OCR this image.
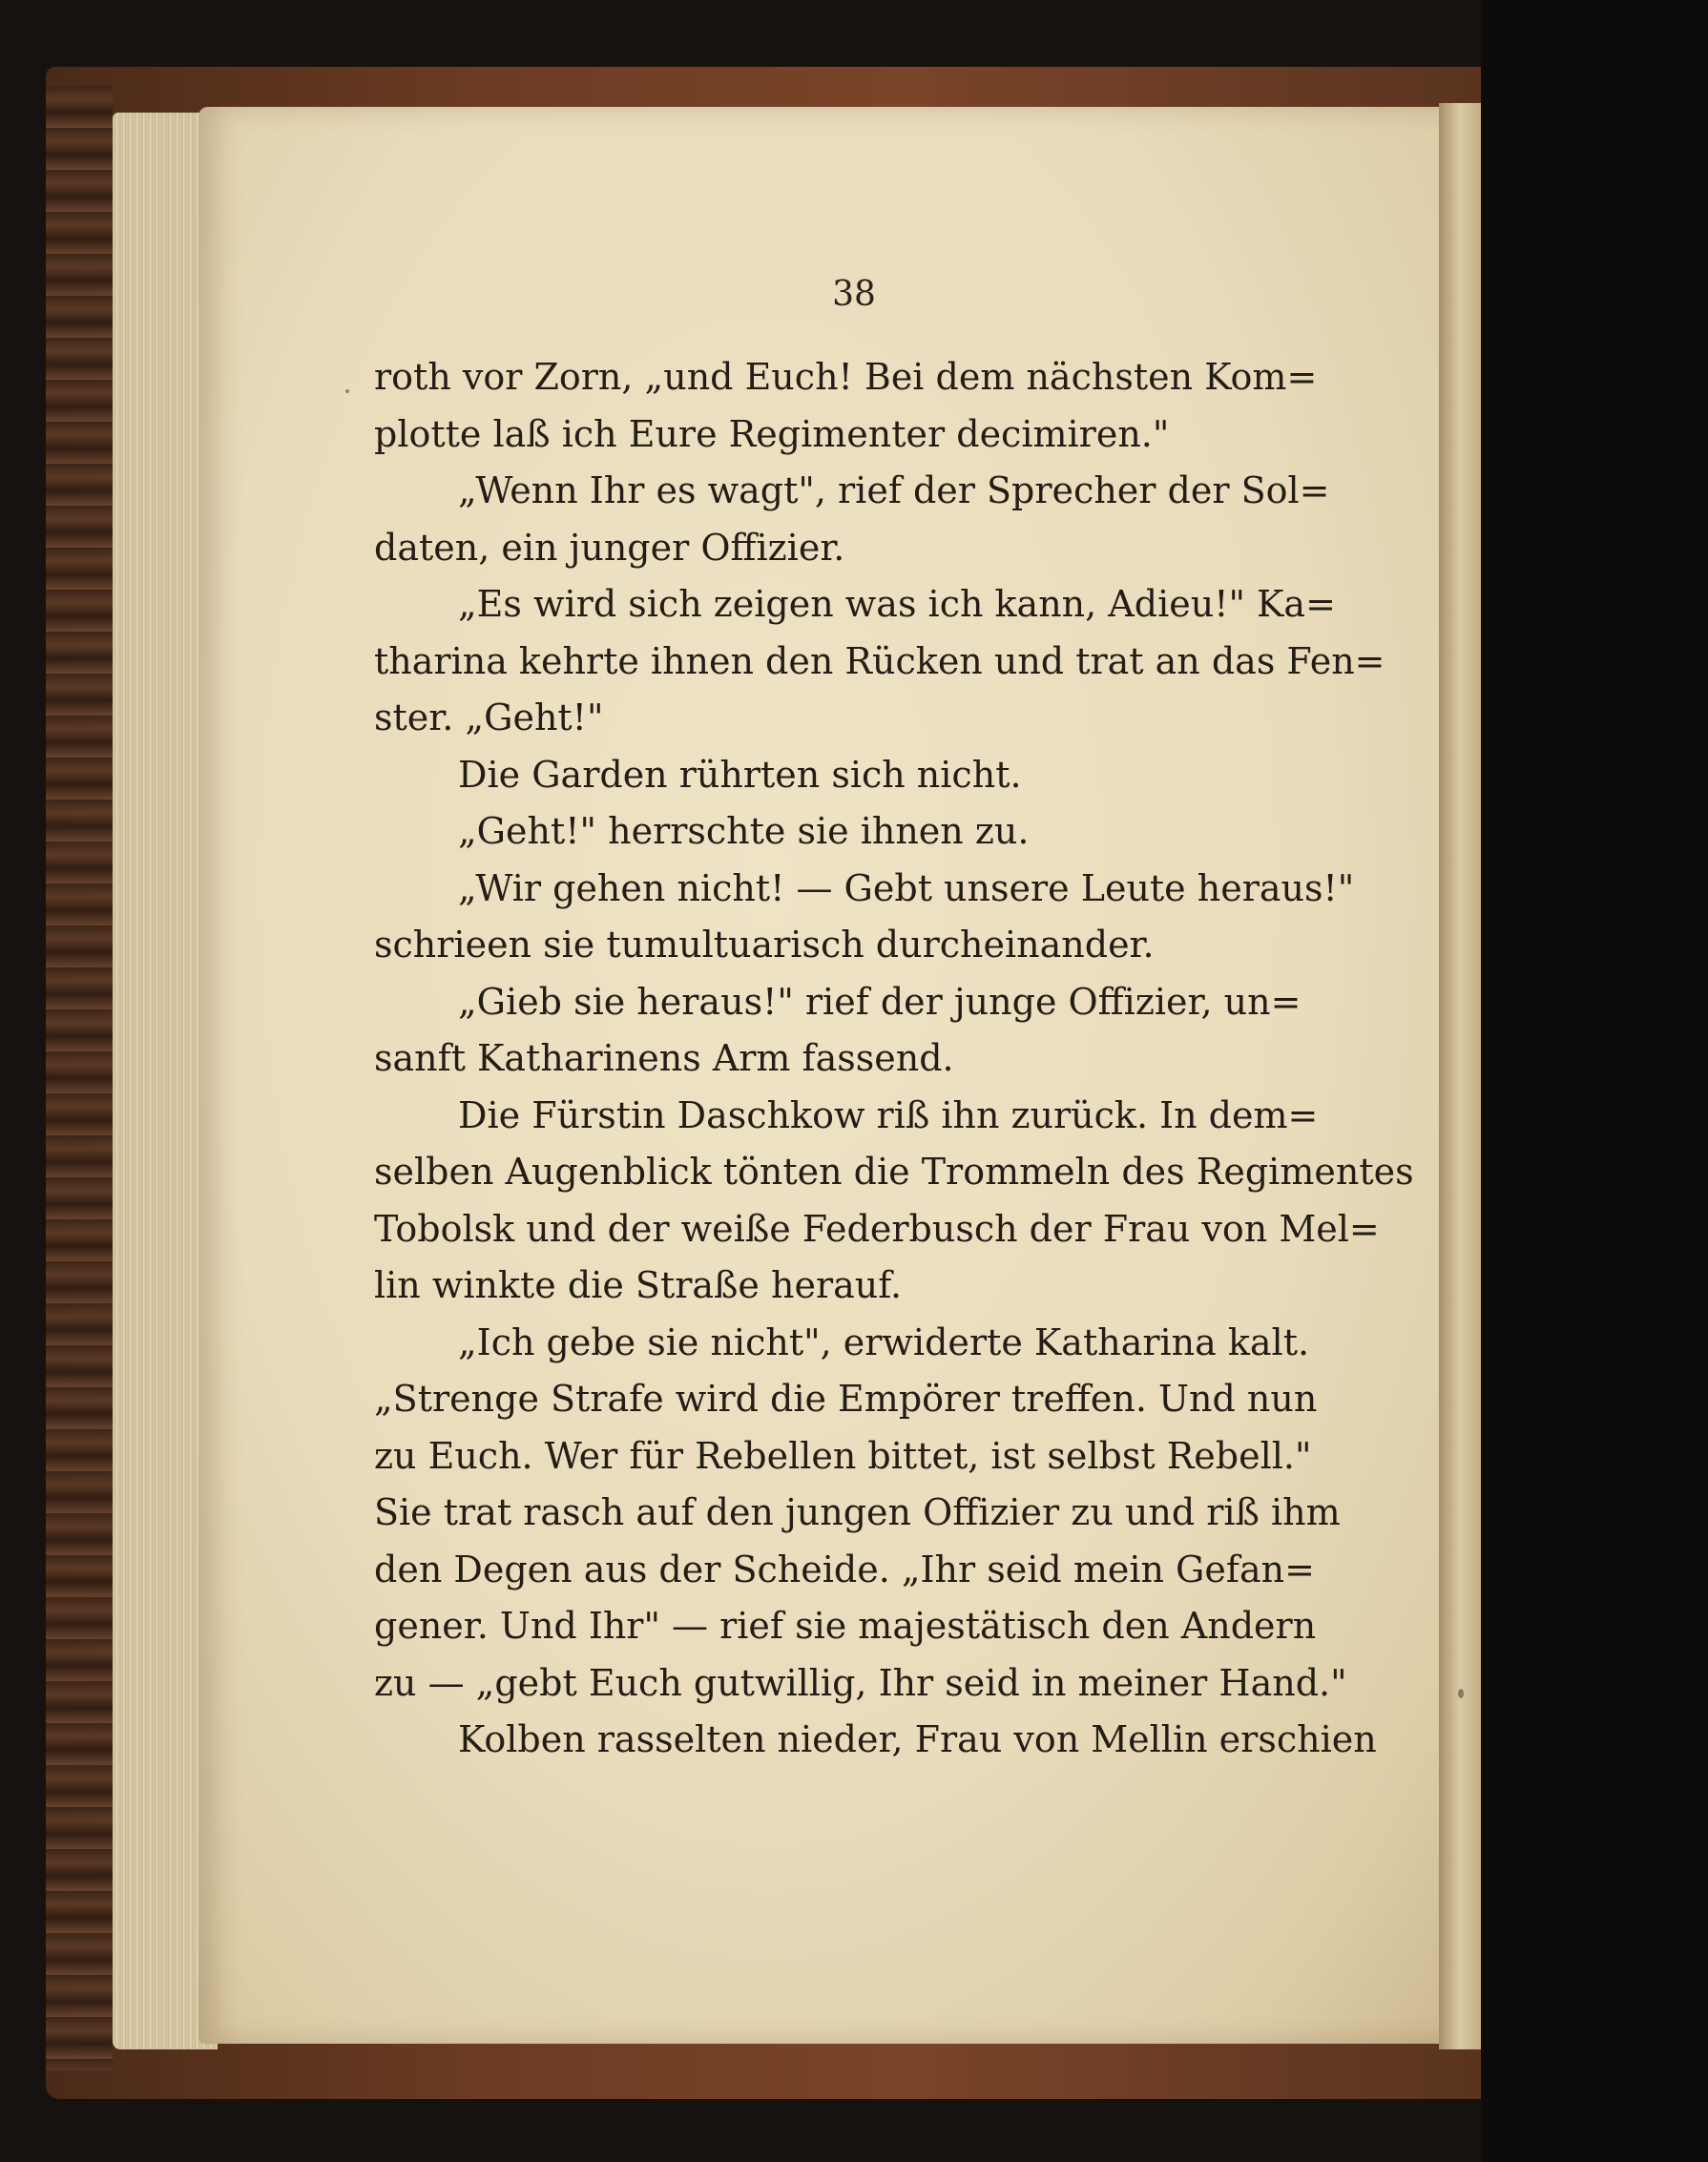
38
roth vor Zorn, „und Euch! Bei dem nächsten Kom=
plotte laß ich Eure Regimenter decimiren."
„Wenn Ihr es wagt", rief der Sprecher der Sol=
daten, ein junger Offizier.
„Es wird sich zeigen was ich kann, Adieu!" Ka=
tharina kehrte ihnen den Rücken und trat an das Fen=
ster. „Geht!"
Die Garden rührten sich nicht.
„Geht!" herrschte sie ihnen zu.
„Wir gehen nicht! — Gebt unsere Leute heraus!"
schrieen sie tumultuarisch durcheinander.
„Gieb sie heraus!" rief der junge Offizier, un=
sanft Katharinens Arm fassend.
Die Fürstin Daschkow riß ihn zurück. In dem=
selben Augenblick tönten die Trommeln des Regimentes
Tobolsk und der weiße Federbusch der Frau von Mel=
lin winkte die Straße herauf.
„Ich gebe sie nicht", erwiderte Katharina kalt.
„Strenge Strafe wird die Empörer treffen. Und nun
zu Euch. Wer für Rebellen bittet, ist selbst Rebell."
Sie trat rasch auf den jungen Offizier zu und riß ihm
den Degen aus der Scheide. „Ihr seid mein Gefan=
gener. Und Ihr" — rief sie majestätisch den Andern
zu — „gebt Euch gutwillig, Ihr seid in meiner Hand."
Kolben rasselten nieder, Frau von Mellin erschien
